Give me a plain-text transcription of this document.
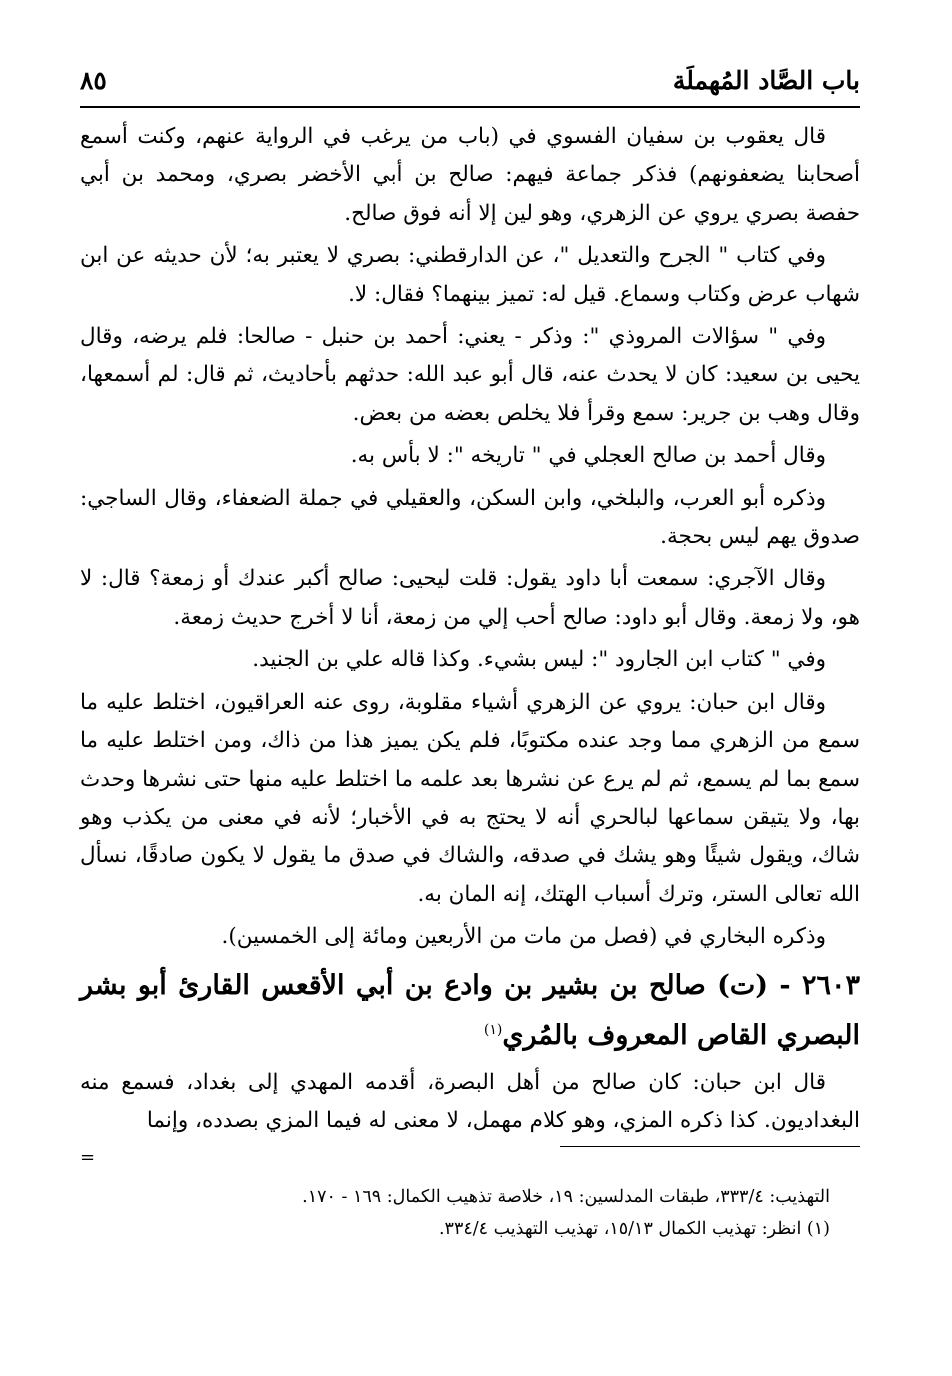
باب الصَّاد المُهملَة
٨٥

قال يعقوب بن سفيان الفسوي في (باب من يرغب في الرواية عنهم، وكنت أسمع أصحابنا يضعفونهم) فذكر جماعة فيهم: صالح بن أبي الأخضر بصري، ومحمد بن أبي حفصة بصري يروي عن الزهري، وهو لين إلا أنه فوق صالح.

وفي كتاب " الجرح والتعديل "، عن الدارقطني: بصري لا يعتبر به؛ لأن حديثه عن ابن شهاب عرض وكتاب وسماع. قيل له: تميز بينهما؟ فقال: لا.

وفي " سؤالات المروذي ": وذكر - يعني: أحمد بن حنبل - صالحا: فلم يرضه، وقال يحيى بن سعيد: كان لا يحدث عنه، قال أبو عبد الله: حدثهم بأحاديث، ثم قال: لم أسمعها، وقال وهب بن جرير: سمع وقرأ فلا يخلص بعضه من بعض.

وقال أحمد بن صالح العجلي في " تاريخه ": لا بأس به.

وذكره أبو العرب، والبلخي، وابن السكن، والعقيلي في جملة الضعفاء، وقال الساجي: صدوق يهم ليس بحجة.

وقال الآجري: سمعت أبا داود يقول: قلت ليحيى: صالح أكبر عندك أو زمعة؟ قال: لا هو، ولا زمعة. وقال أبو داود: صالح أحب إلي من زمعة، أنا لا أخرج حديث زمعة.

وفي " كتاب ابن الجارود ": ليس بشيء. وكذا قاله علي بن الجنيد.

وقال ابن حبان: يروي عن الزهري أشياء مقلوبة، روى عنه العراقيون، اختلط عليه ما سمع من الزهري مما وجد عنده مكتوبًا، فلم يكن يميز هذا من ذاك، ومن اختلط عليه ما سمع بما لم يسمع، ثم لم يرع عن نشرها بعد علمه ما اختلط عليه منها حتى نشرها وحدث بها، ولا يتيقن سماعها لبالحري أنه لا يحتج به في الأخبار؛ لأنه في معنى من يكذب وهو شاك، ويقول شيئًا وهو يشك في صدقه، والشاك في صدق ما يقول لا يكون صادقًا، نسأل الله تعالى الستر، وترك أسباب الهتك، إنه المان به.

وذكره البخاري في (فصل من مات من الأربعين ومائة إلى الخمسين).

٢٦٠٣ - (ت) صالح بن بشير بن وادع بن أبي الأقعس القارئ أبو بشر البصري القاص المعروف بالمُري$^{(١)}$

قال ابن حبان: كان صالح من أهل البصرة، أقدمه المهدي إلى بغداد، فسمع منه البغداديون. كذا ذكره المزي، وهو كلام مهمل، لا معنى له فيما المزي بصدده، وإنما

=

التهذيب: ٣٣٣/٤، طبقات المدلسين: ١٩، خلاصة تذهيب الكمال: ١٦٩ - ١٧٠.

(١) انظر: تهذيب الكمال ١٥/١٣، تهذيب التهذيب ٣٣٤/٤.
